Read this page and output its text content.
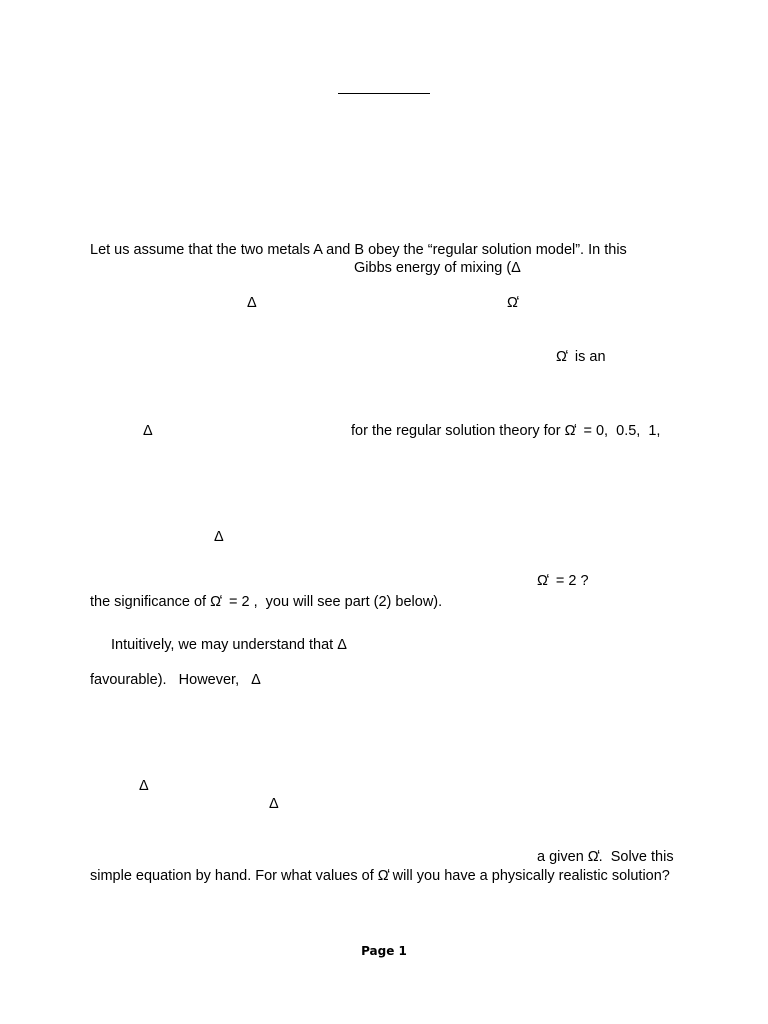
Let us assume that the two metals A and B obey the “regular solution model”. In this
Gibbs energy of mixing (Δ
Δ	Ω̒
Ω̒  is an
Δ	for the regular solution theory for Ω̒  = 0,  0.5,  1,
Δ
Ω̒  = 2 ?
the significance of Ω̒  = 2 ,  you will see part (2) below).
Intuitively, we may understand that Δ
favourable).   However,   Δ
Δ
Δ
a given Ω̒.  Solve this
simple equation by hand. For what values of Ω̒ will you have a physically realistic solution?
Page 1
